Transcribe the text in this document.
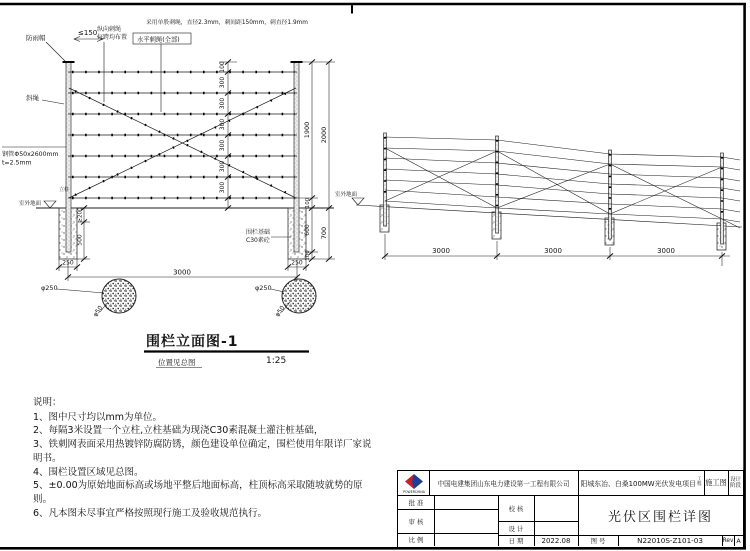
室外地面
防雨帽
≤150 纵向刺绳
每跨均布置
采用单股刺绳，直径2.3mm，刺间距150mm，刺直径1.9mm
水平刺绳(全部)
斜绳
钢管Φ50x2600mm
t=2.5mm
立柱
围栏基础
C30素砼
100
300
300
300
300
300
300
1900
100
600
100
2000
700
≥200
500
250	250
3000
φ250	φ250
φ50	φ50
围栏立面图-1
位置见总图	1:25
室外地面
3000	3000	3000
说明：
1、图中尺寸均以mm为单位。
2、每隔3米设置一个立柱,立柱基础为现浇C30素混凝土灌注桩基础，
3、铁刺网表面采用热镀锌防腐防锈，颜色建设单位确定，围栏使用年限详厂家说明书。
4、围栏设置区域见总图。
5、±0.00为原始地面标高或场地平整后地面标高，柱顶标高采取随坡就势的原则。
6、凡本图未尽事宜严格按照现行施工及验收规范执行。
POWERCHINA
中国电建集团山东电力建设第一工程有限公司	阳城东冶、白桑100MW光伏发电项目
工
程 施工图 设计
阶段
批 准
审 核
比 例
校 核
设 计
日 期	2022.08
光伏区围栏详图
图 号	N22010S-Z101-03	Rev A
